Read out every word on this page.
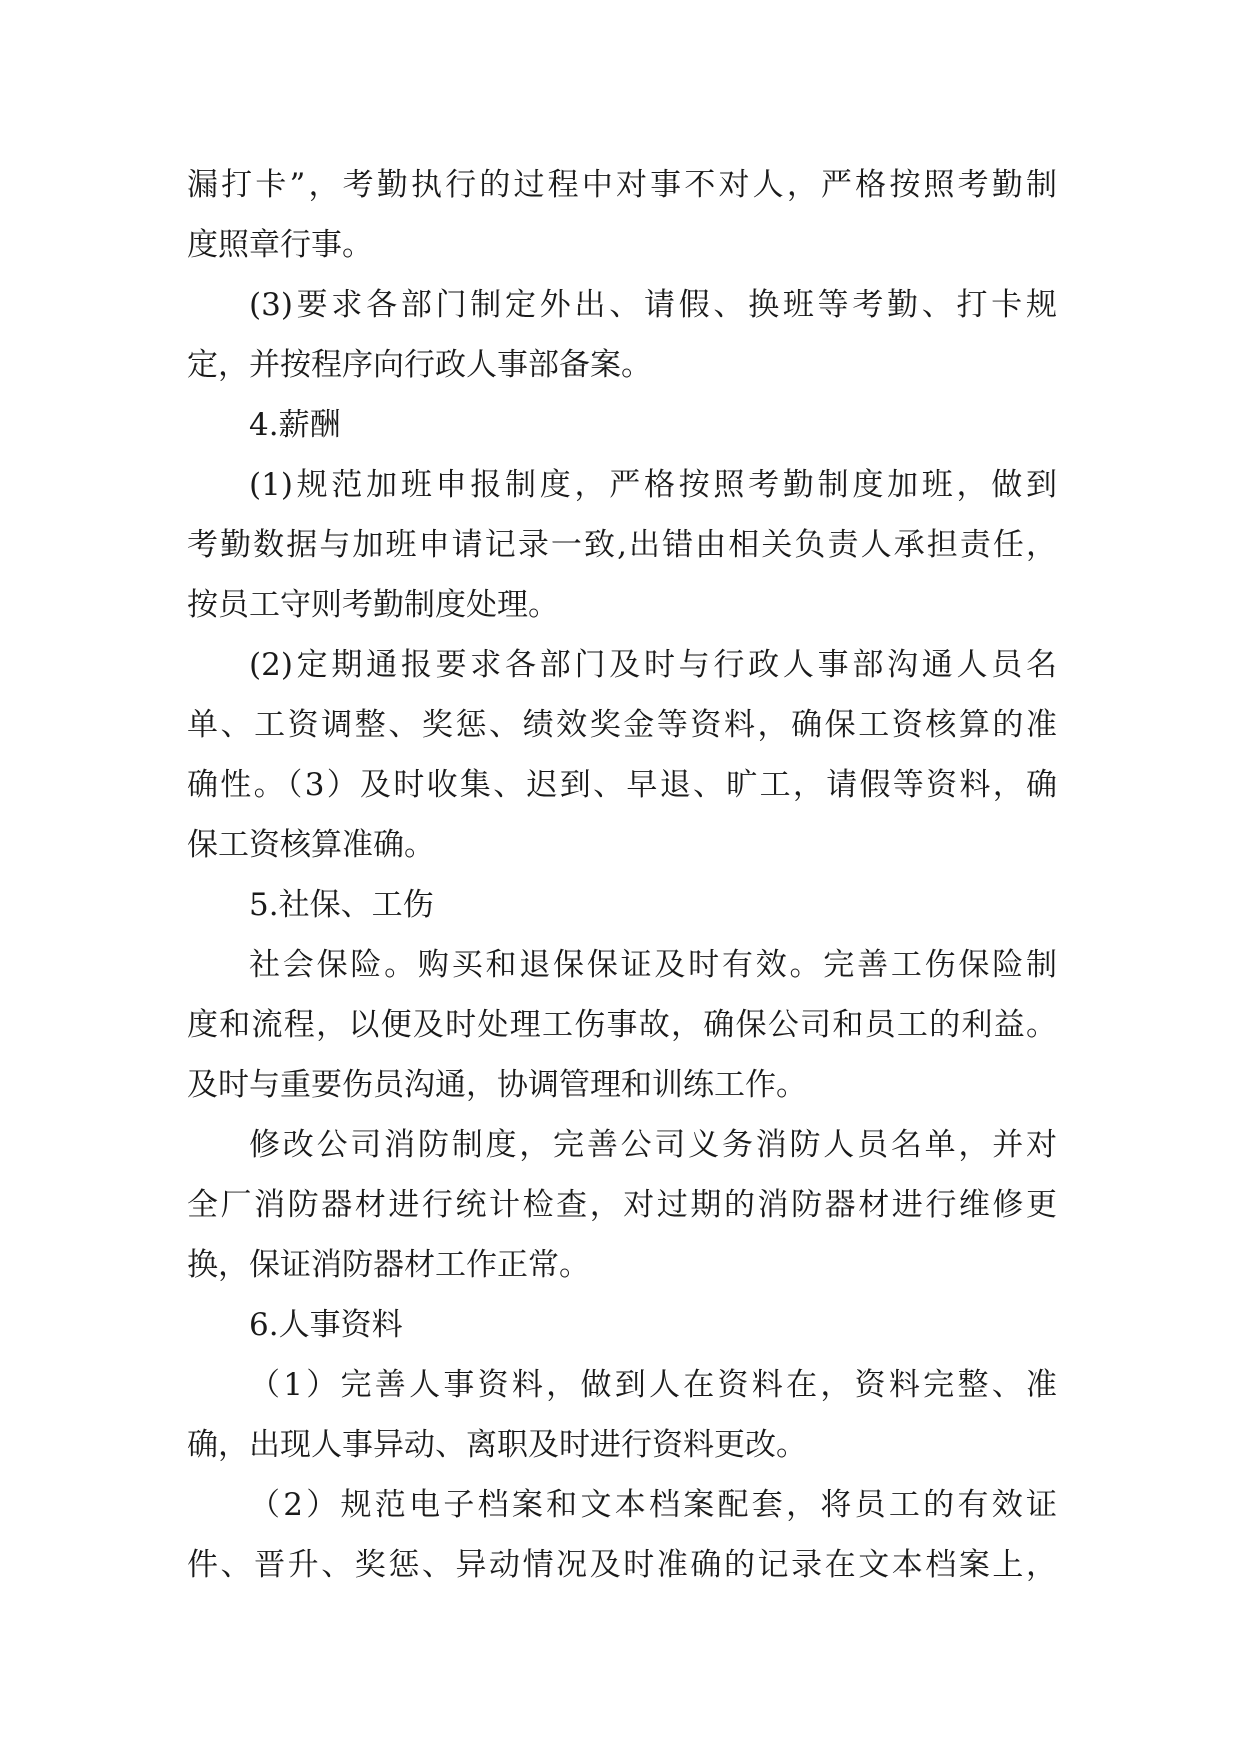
漏打卡”，考勤执行的过程中对事不对人，严格按照考勤制
度照章行事。
(3)要求各部门制定外出、请假、换班等考勤、打卡规
定，并按程序向行政人事部备案。
4.薪酬
(1)规范加班申报制度，严格按照考勤制度加班，做到
考勤数据与加班申请记录一致,出错由相关负责人承担责任，
按员工守则考勤制度处理。
(2)定期通报要求各部门及时与行政人事部沟通人员名
单、工资调整、奖惩、绩效奖金等资料，确保工资核算的准
确性。（3）及时收集、迟到、早退、旷工，请假等资料，确
保工资核算准确。
5.社保、工伤
社会保险。购买和退保保证及时有效。完善工伤保险制
度和流程，以便及时处理工伤事故，确保公司和员工的利益。
及时与重要伤员沟通，协调管理和训练工作。
修改公司消防制度，完善公司义务消防人员名单，并对
全厂消防器材进行统计检查，对过期的消防器材进行维修更
换，保证消防器材工作正常。
6.人事资料
（1）完善人事资料，做到人在资料在，资料完整、准
确，出现人事异动、离职及时进行资料更改。
（2）规范电子档案和文本档案配套，将员工的有效证
件、晋升、奖惩、异动情况及时准确的记录在文本档案上，
